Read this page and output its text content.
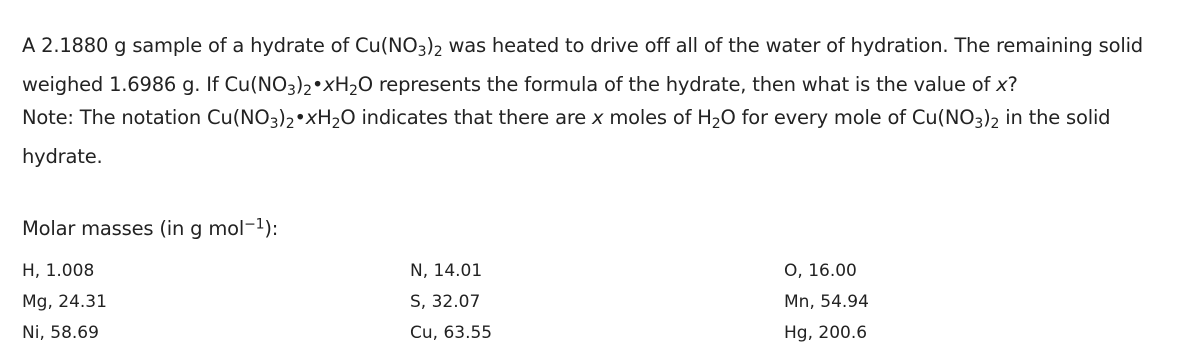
A 2.1880 g sample of a hydrate of $Cu(NO_3)_2$ was heated to drive off all of the water of hydration. The remaining solid weighed 1.6986 g. If $Cu(NO_3)_2•xH_2O$ represents the formula of the hydrate, then what is the value of x?

Note: The notation $Cu(NO_3)_2•xH_2O$ indicates that there are x moles of $H_2O$ for every mole of $Cu(NO_3)_2$ in the solid hydrate.

Molar masses (in g mol$^{-1}$):
H, 1.008	N, 14.01	O, 16.00
Mg, 24.31	S, 32.07	Mn, 54.94
Ni, 58.69	Cu, 63.55	Hg, 200.6
